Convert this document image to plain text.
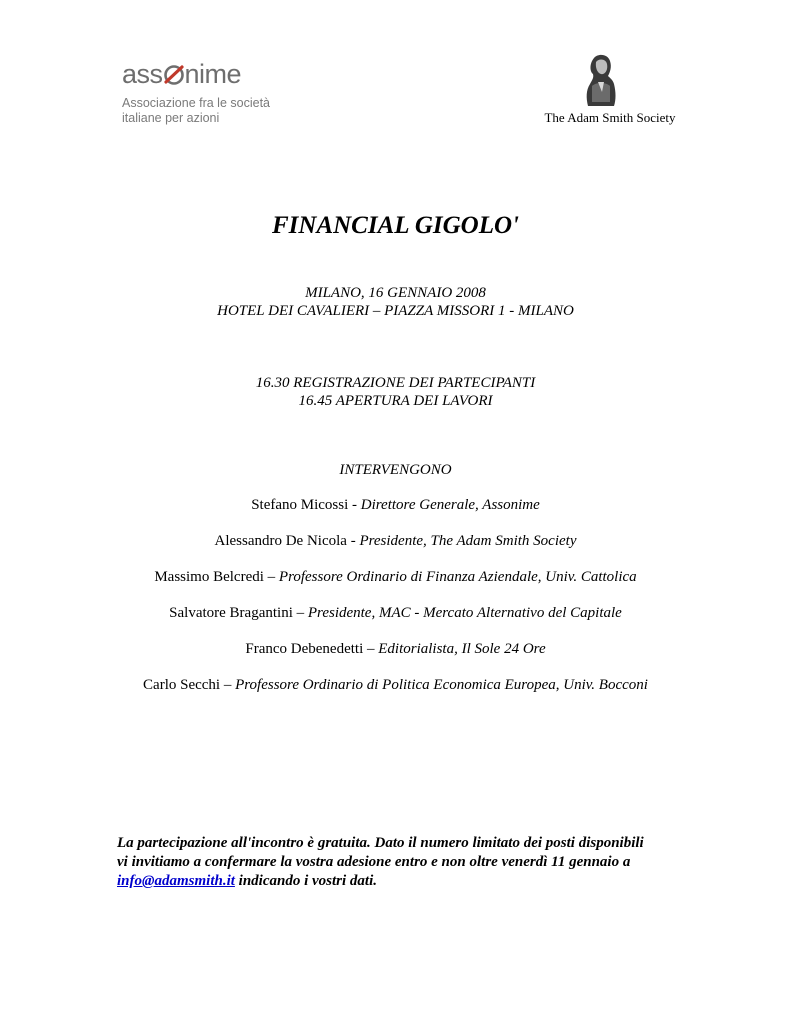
ass nime
Associazione fra le società
italiane per azioni	The Adam Smith Society
FINANCIAL GIGOLO'
MILANO, 16 GENNAIO 2008
HOTEL DEI CAVALIERI – PIAZZA MISSORI 1 - MILANO
16.30 REGISTRAZIONE DEI PARTECIPANTI
16.45 APERTURA DEI LAVORI
INTERVENGONO
Stefano Micossi - Direttore Generale, Assonime
Alessandro De Nicola - Presidente, The Adam Smith Society
Massimo Belcredi – Professore Ordinario di Finanza Aziendale, Univ. Cattolica
Salvatore Bragantini – Presidente, MAC - Mercato Alternativo del Capitale
Franco Debenedetti – Editorialista, Il Sole 24 Ore
Carlo Secchi – Professore Ordinario di Politica Economica Europea, Univ. Bocconi
La partecipazione all'incontro è gratuita. Dato il numero limitato dei posti disponibili
vi invitiamo a confermare la vostra adesione entro e non oltre venerdì 11 gennaio a
info@adamsmith.it indicando i vostri dati.
